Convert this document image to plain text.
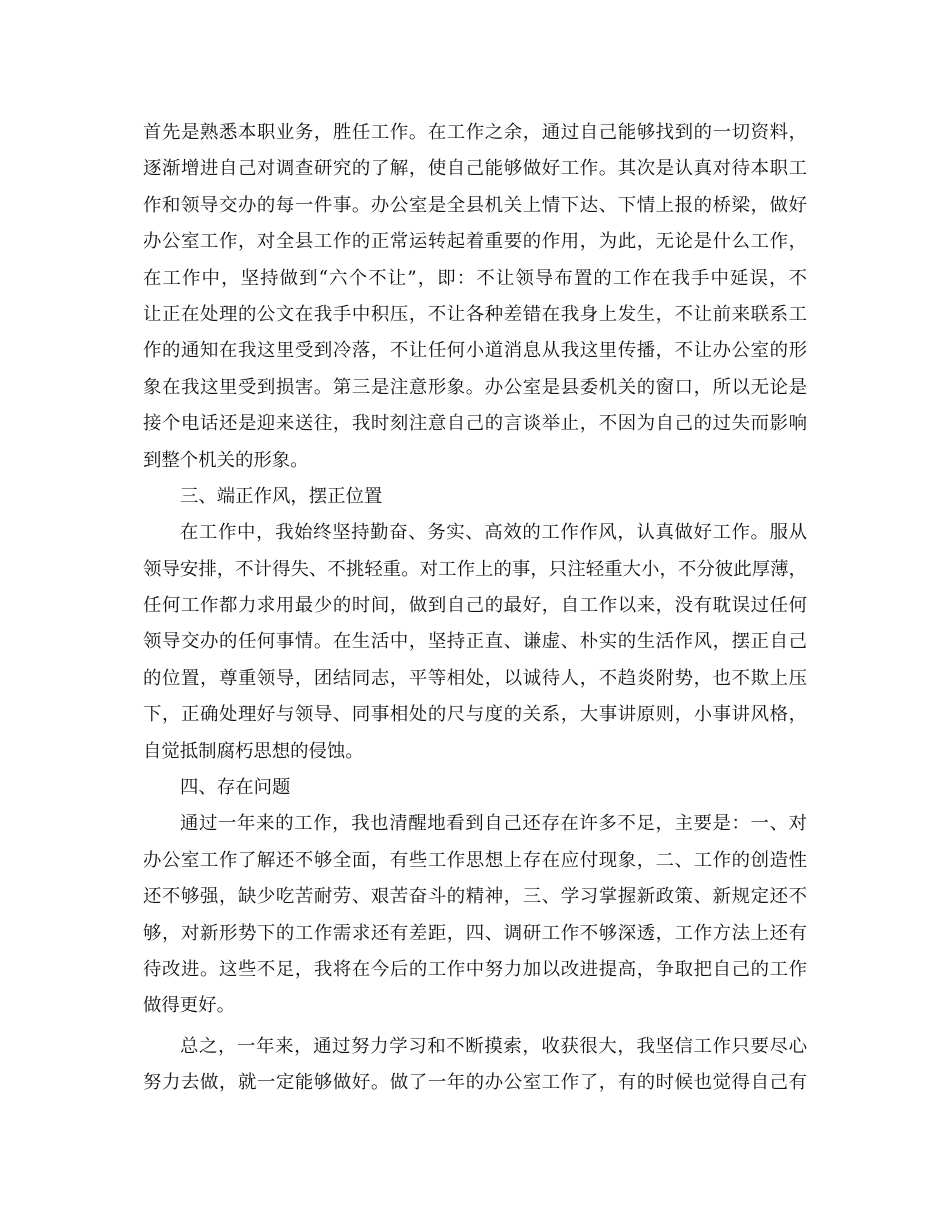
首先是熟悉本职业务，胜任工作。在工作之余，通过自己能够找到的一切资料，
逐渐增进自己对调查研究的了解，使自己能够做好工作。其次是认真对待本职工
作和领导交办的每一件事。办公室是全县机关上情下达、下情上报的桥梁，做好
办公室工作，对全县工作的正常运转起着重要的作用，为此，无论是什么工作，
在工作中，坚持做到“六个不让”，即：不让领导布置的工作在我手中延误，不
让正在处理的公文在我手中积压，不让各种差错在我身上发生，不让前来联系工
作的通知在我这里受到冷落，不让任何小道消息从我这里传播，不让办公室的形
象在我这里受到损害。第三是注意形象。办公室是县委机关的窗口，所以无论是
接个电话还是迎来送往，我时刻注意自己的言谈举止，不因为自己的过失而影响
到整个机关的形象。
三、端正作风，摆正位置
在工作中，我始终坚持勤奋、务实、高效的工作作风，认真做好工作。服从
领导安排，不计得失、不挑轻重。对工作上的事，只注轻重大小，不分彼此厚薄，
任何工作都力求用最少的时间，做到自己的最好，自工作以来，没有耽误过任何
领导交办的任何事情。在生活中，坚持正直、谦虚、朴实的生活作风，摆正自己
的位置，尊重领导，团结同志，平等相处，以诚待人，不趋炎附势，也不欺上压
下，正确处理好与领导、同事相处的尺与度的关系，大事讲原则，小事讲风格，
自觉抵制腐朽思想的侵蚀。
四、存在问题
通过一年来的工作，我也清醒地看到自己还存在许多不足，主要是：一、对
办公室工作了解还不够全面，有些工作思想上存在应付现象，二、工作的创造性
还不够强，缺少吃苦耐劳、艰苦奋斗的精神，三、学习掌握新政策、新规定还不
够，对新形势下的工作需求还有差距，四、调研工作不够深透，工作方法上还有
待改进。这些不足，我将在今后的工作中努力加以改进提高，争取把自己的工作
做得更好。
总之，一年来，通过努力学习和不断摸索，收获很大，我坚信工作只要尽心
努力去做，就一定能够做好。做了一年的办公室工作了，有的时候也觉得自己有
